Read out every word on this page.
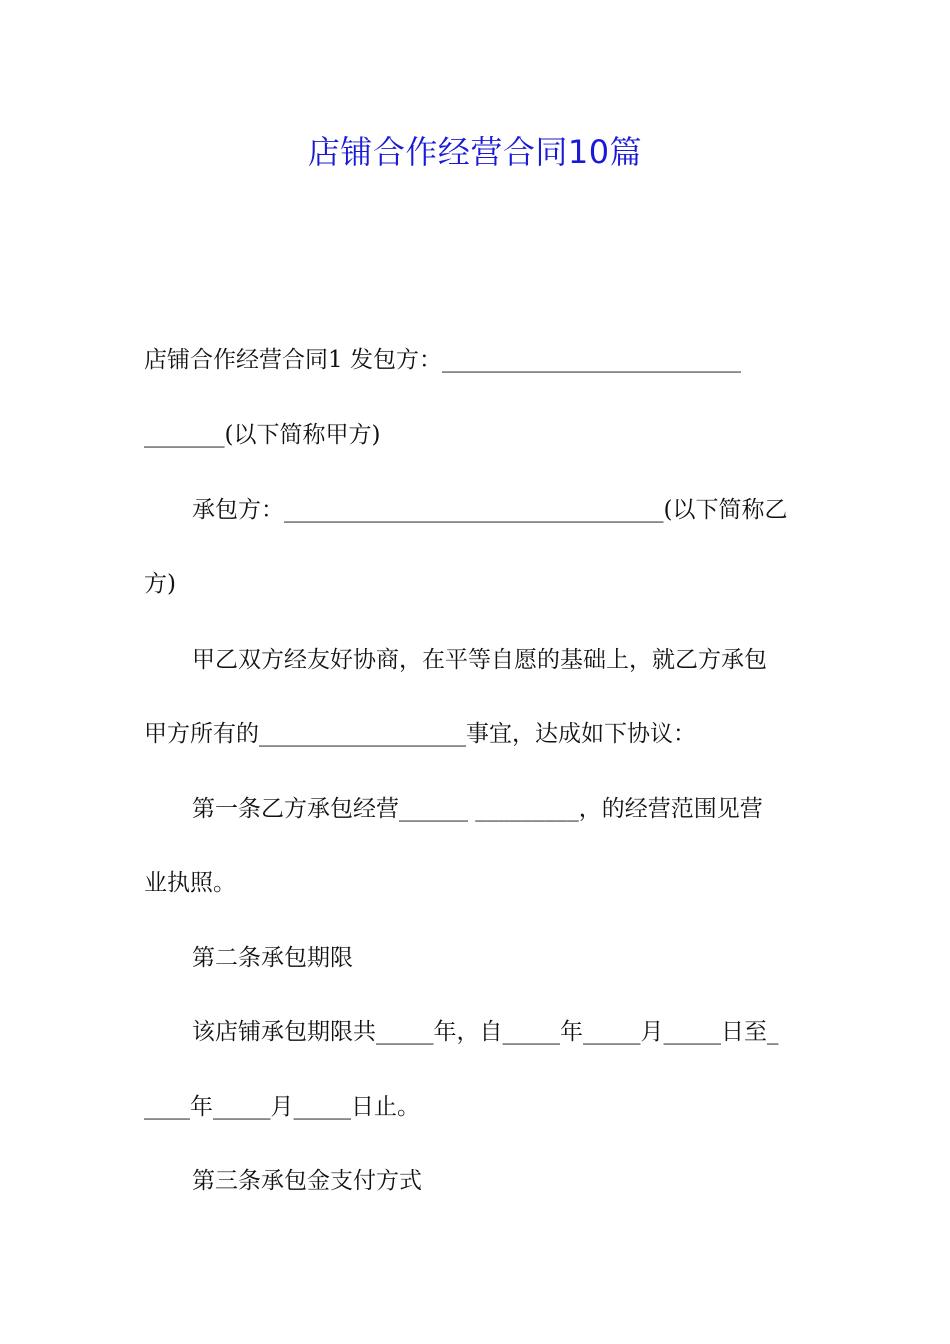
店铺合作经营合同10篇
店铺合作经营合同1 发包方：__________________________
_______(以下简称甲方)
承包方：_________________________________(以下简称乙
方)
甲乙双方经友好协商，在平等自愿的基础上，就乙方承包
甲方所有的__________________事宜，达成如下协议：
第一条乙方承包经营______ _________，的经营范围见营
业执照。
第二条承包期限
该店铺承包期限共_____年，自_____年_____月_____日至_
____年_____月_____日止。
第三条承包金支付方式
